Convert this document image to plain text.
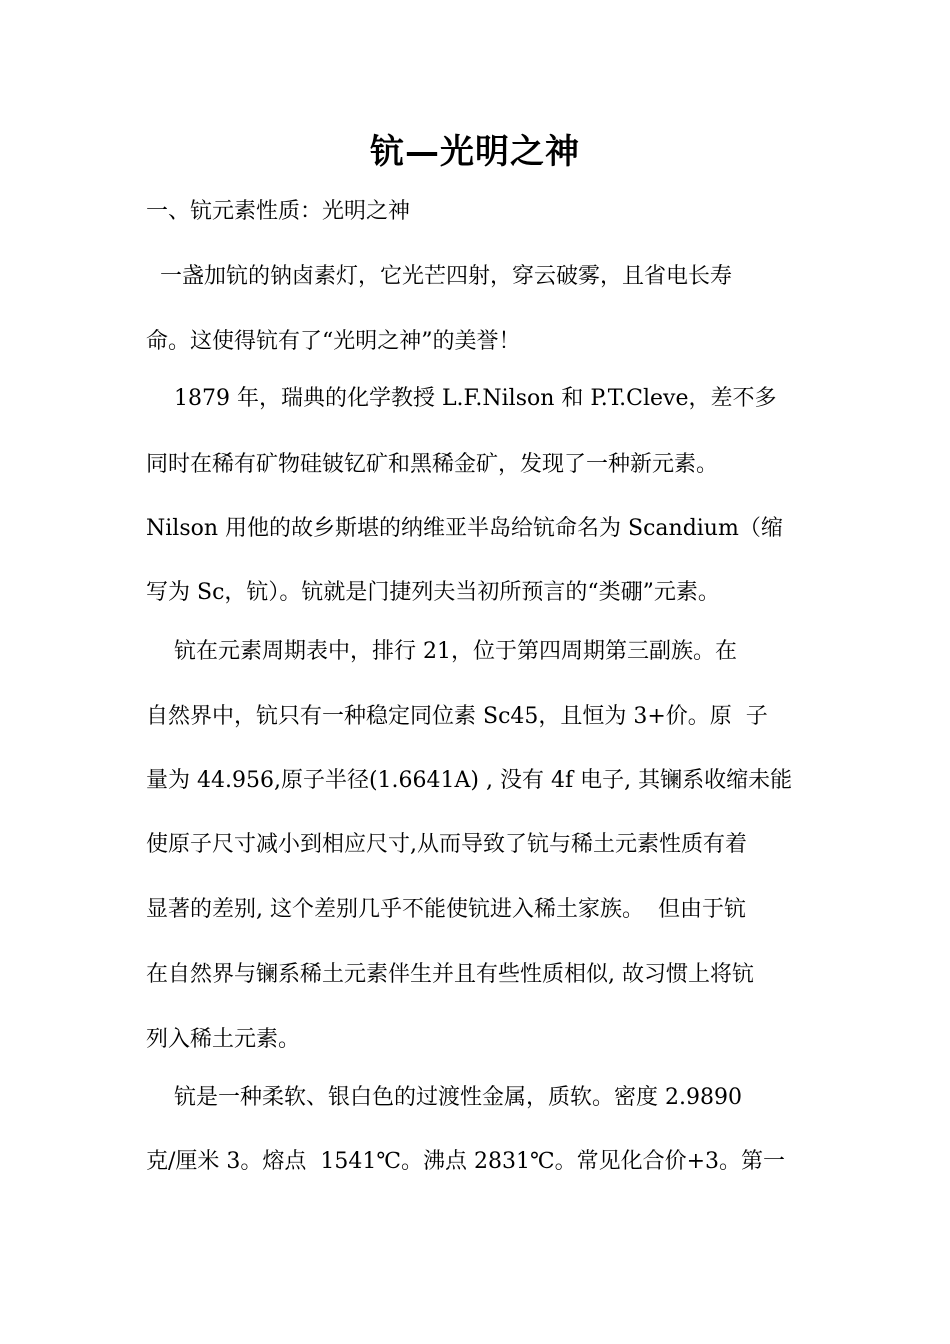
钪—光明之神
一、钪元素性质：光明之神
一盏加钪的钠卤素灯，它光芒四射，穿云破雾，且省电长寿
命。这使得钪有了“光明之神”的美誉！
1879 年，瑞典的化学教授 L.F.Nilson 和 P.T.Cleve，差不多
同时在稀有矿物硅铍钇矿和黑稀金矿，发现了一种新元素。
Nilson 用他的故乡斯堪的纳维亚半岛给钪命名为 Scandium（缩
写为 Sc，钪）。钪就是门捷列夫当初所预言的“类硼”元素。
钪在元素周期表中，排行 21，位于第四周期第三副族。在
自然界中，钪只有一种稳定同位素 Sc45，且恒为 3+价。原  子
量为 44.956,原子半径(1.6641A) , 没有 4f 电子, 其镧系收缩未能
使原子尺寸减小到相应尺寸,从而导致了钪与稀土元素性质有着
显著的差别, 这个差别几乎不能使钪进入稀土家族。  但由于钪
在自然界与镧系稀土元素伴生并且有些性质相似, 故习惯上将钪
列入稀土元素。
钪是一种柔软、银白色的过渡性金属，质软。密度 2.9890
克/厘米 3。熔点  1541℃。沸点 2831℃。常见化合价+3。第一
